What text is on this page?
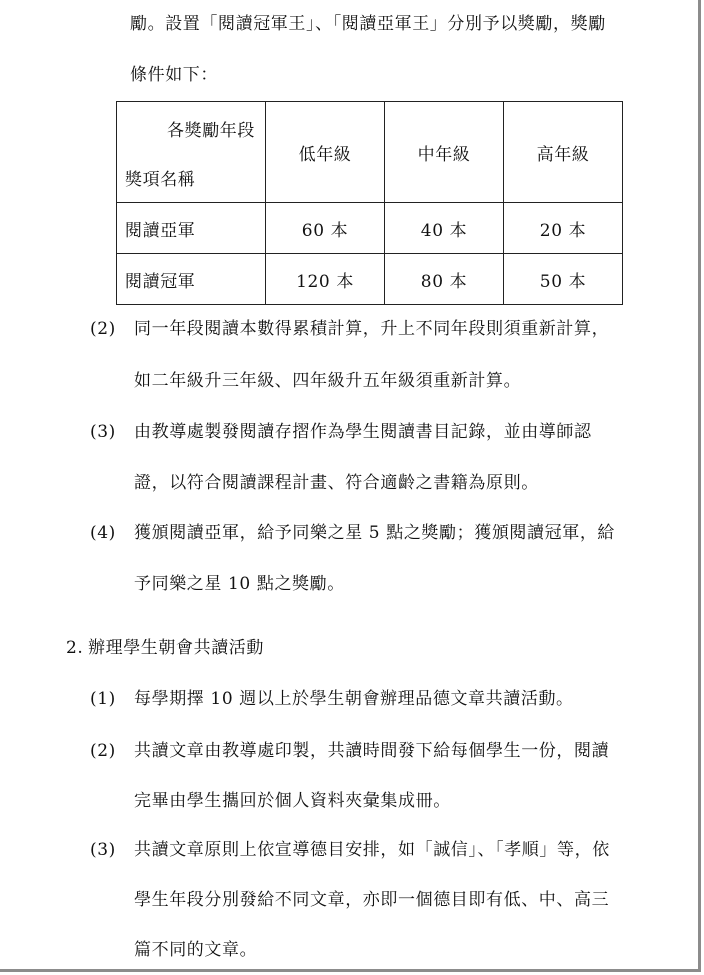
勵。設置「閱讀冠軍王」、「閱讀亞軍王」分別予以獎勵，獎勵
條件如下：
各獎勵年段
獎項名稱	低年級	中年級	高年級
閱讀亞軍	60 本	40 本	20 本
閱讀冠軍	120 本	80 本	50 本
(2) 同一年段閱讀本數得累積計算，升上不同年段則須重新計算，
如二年級升三年級、四年級升五年級須重新計算。
(3) 由教導處製發閱讀存摺作為學生閱讀書目記錄，並由導師認
證，以符合閱讀課程計畫、符合適齡之書籍為原則。
(4) 獲頒閱讀亞軍，給予同樂之星 5 點之獎勵；獲頒閱讀冠軍，給
予同樂之星 10 點之獎勵。
2. 辦理學生朝會共讀活動
(1) 每學期擇 10 週以上於學生朝會辦理品德文章共讀活動。
(2) 共讀文章由教導處印製，共讀時間發下給每個學生一份，閱讀
完畢由學生攜回於個人資料夾彙集成冊。
(3) 共讀文章原則上依宣導德目安排，如「誠信」、「孝順」等，依
學生年段分別發給不同文章，亦即一個德目即有低、中、高三
篇不同的文章。
